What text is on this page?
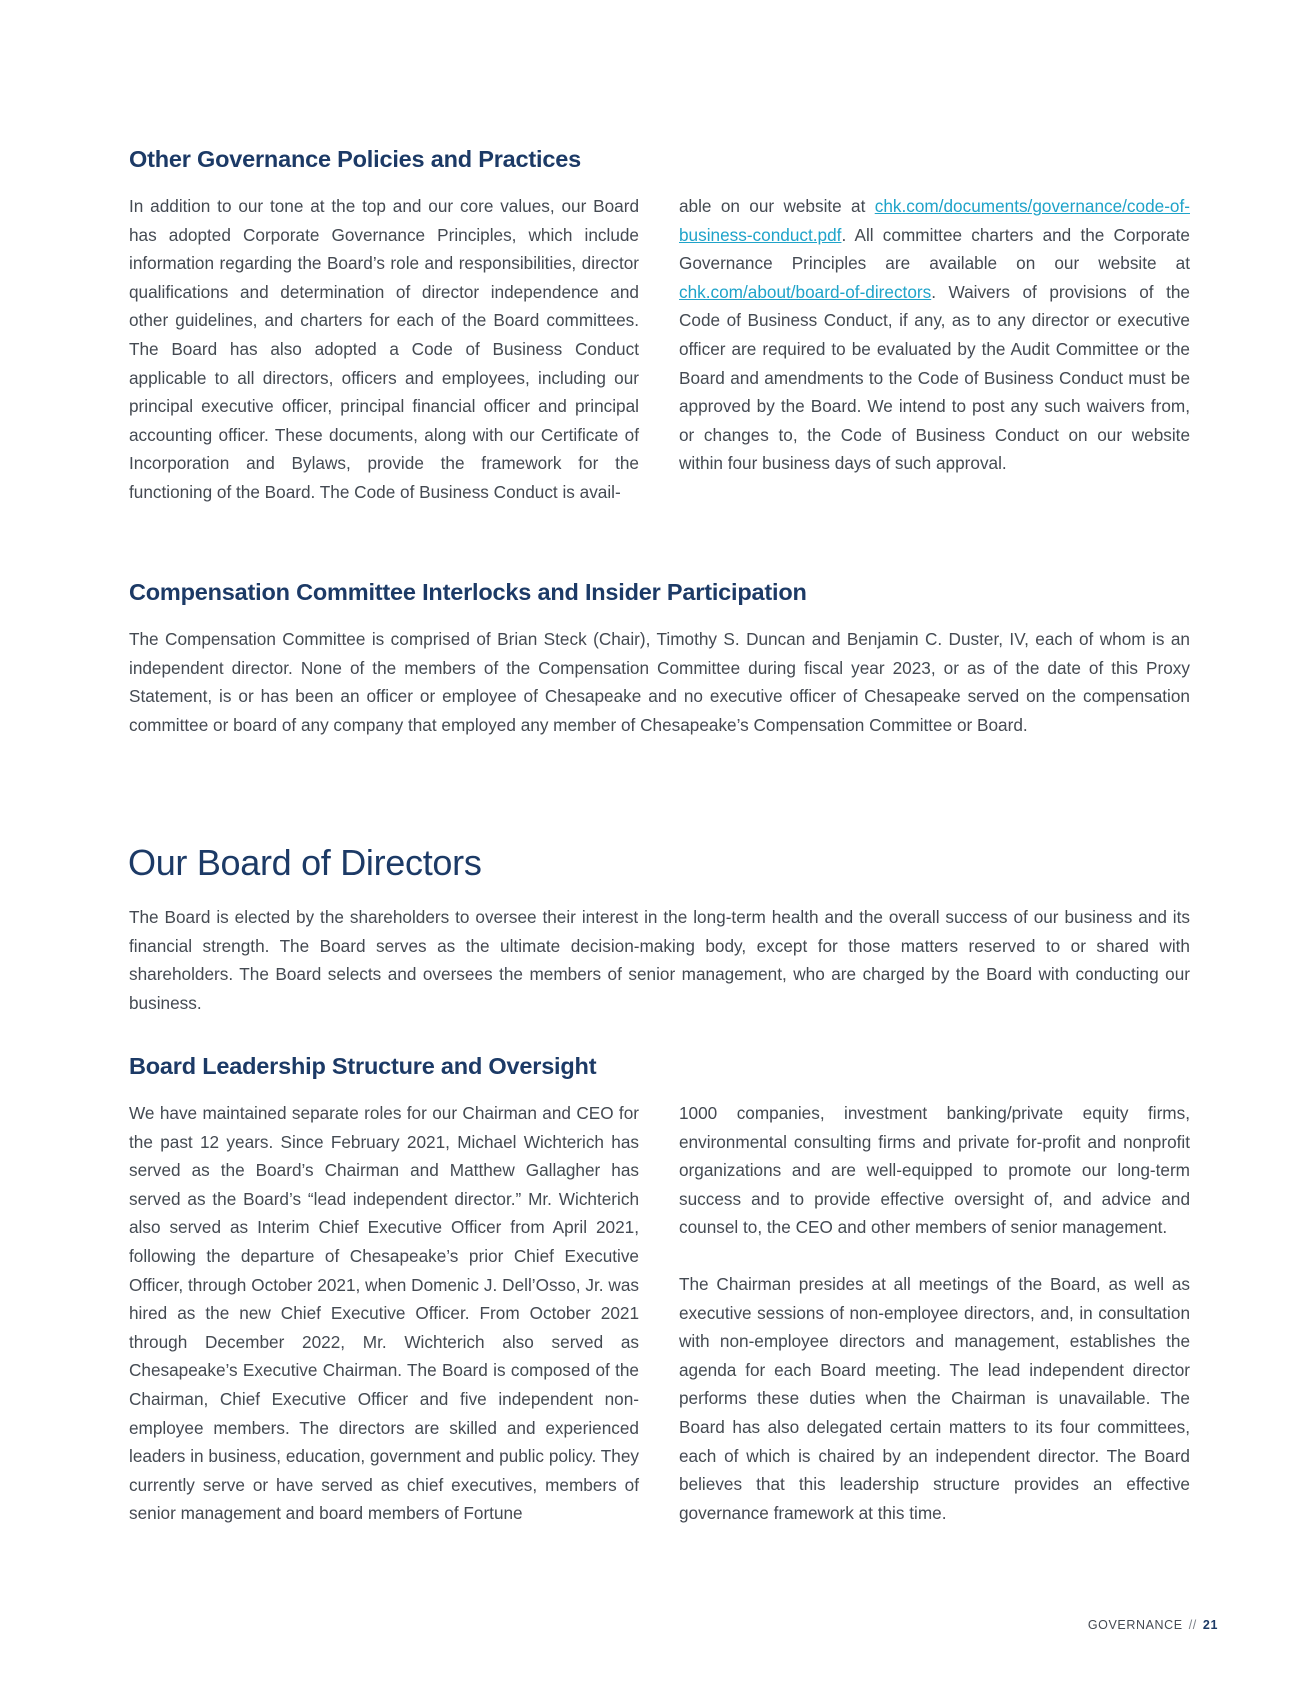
Other Governance Policies and Practices

In addition to our tone at the top and our core values, our Board has adopted Corporate Governance Principles, which include information regarding the Board’s role and responsibilities, director qualifications and determination of director independence and other guidelines, and charters for each of the Board committees. The Board has also adopted a Code of Business Conduct applicable to all directors, officers and employees, including our principal executive officer, principal financial officer and principal accounting officer. These documents, along with our Certificate of Incorporation and Bylaws, provide the framework for the functioning of the Board. The Code of Business Conduct is avail-

able on our website at chk.com/documents/governance/code-of-business-conduct.pdf. All committee charters and the Corporate Governance Principles are available on our website at chk.com/about/board-of-directors. Waivers of provisions of the Code of Business Conduct, if any, as to any director or executive officer are required to be evaluated by the Audit Committee or the Board and amendments to the Code of Business Conduct must be approved by the Board. We intend to post any such waivers from, or changes to, the Code of Business Conduct on our website within four business days of such approval.

Compensation Committee Interlocks and Insider Participation

The Compensation Committee is comprised of Brian Steck (Chair), Timothy S. Duncan and Benjamin C. Duster, IV, each of whom is an independent director. None of the members of the Compensation Committee during fiscal year 2023, or as of the date of this Proxy Statement, is or has been an officer or employee of Chesapeake and no executive officer of Chesapeake served on the compensation committee or board of any company that employed any member of Chesapeake’s Compensation Committee or Board.

Our Board of Directors

The Board is elected by the shareholders to oversee their interest in the long-term health and the overall success of our business and its financial strength. The Board serves as the ultimate decision-making body, except for those matters reserved to or shared with shareholders. The Board selects and oversees the members of senior management, who are charged by the Board with conducting our business.

Board Leadership Structure and Oversight

We have maintained separate roles for our Chairman and CEO for the past 12 years. Since February 2021, Michael Wichterich has served as the Board’s Chairman and Matthew Gallagher has served as the Board’s “lead independent director.” Mr. Wichterich also served as Interim Chief Executive Officer from April 2021, following the departure of Chesapeake’s prior Chief Executive Officer, through October 2021, when Domenic J. Dell’Osso, Jr. was hired as the new Chief Executive Officer. From October 2021 through December 2022, Mr. Wichterich also served as Chesapeake’s Executive Chairman. The Board is composed of the Chairman, Chief Executive Officer and five independent non-employee members. The directors are skilled and experienced leaders in business, education, government and public policy. They currently serve or have served as chief executives, members of senior management and board members of Fortune

1000 companies, investment banking/private equity firms, environmental consulting firms and private for-profit and nonprofit organizations and are well-equipped to promote our long-term success and to provide effective oversight of, and advice and counsel to, the CEO and other members of senior management.

The Chairman presides at all meetings of the Board, as well as executive sessions of non-employee directors, and, in consultation with non-employee directors and management, establishes the agenda for each Board meeting. The lead independent director performs these duties when the Chairman is unavailable. The Board has also delegated certain matters to its four committees, each of which is chaired by an independent director. The Board believes that this leadership structure provides an effective governance framework at this time.

GOVERNANCE // 21
